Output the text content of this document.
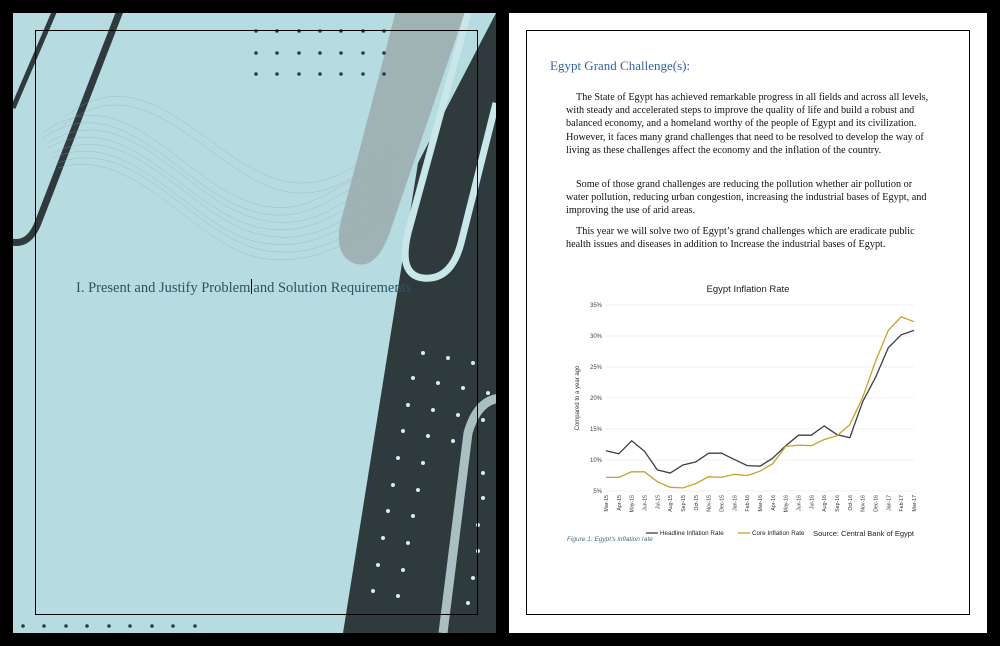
I. Present and Justify Problem and Solution Requirements
Egypt Grand Challenge(s):

The State of Egypt has achieved remarkable progress in all fields and across all levels, with steady and accelerated steps to improve the quality of life and build a robust and balanced economy, and a homeland worthy of the people of Egypt and its civilization. However, it faces many grand challenges that need to be resolved to develop the way of living as these challenges affect the economy and the inflation of the country.

Some of those grand challenges are reducing the pollution whether air pollution or water pollution, reducing urban congestion, increasing the industrial bases of Egypt, and improving the use of arid areas.

This year we will solve two of Egypt’s grand challenges which are eradicate public health issues and diseases in addition to Increase the industrial bases of Egypt.

Egypt Inflation Rate
5%
10%
15%
20%
25%
30%
35%
Compared to a year ago
Mar-15 Apr-15 May-15 Jun-15 Jul-15 Aug-15 Sep-15 Oct-15 Nov-15 Dec-15 Jan-16 Feb-16 Mar-16 Apr-16 May-16 Jun-16 Jul-16 Aug-16 Sep-16 Oct-16 Nov-16 Dec-16 Jan-17 Feb-17 Mar-17
Headline Inflation Rate	Core Inflation Rate Source: Central Bank of Egypt
Figure 1: Egypt’s inflation rate
